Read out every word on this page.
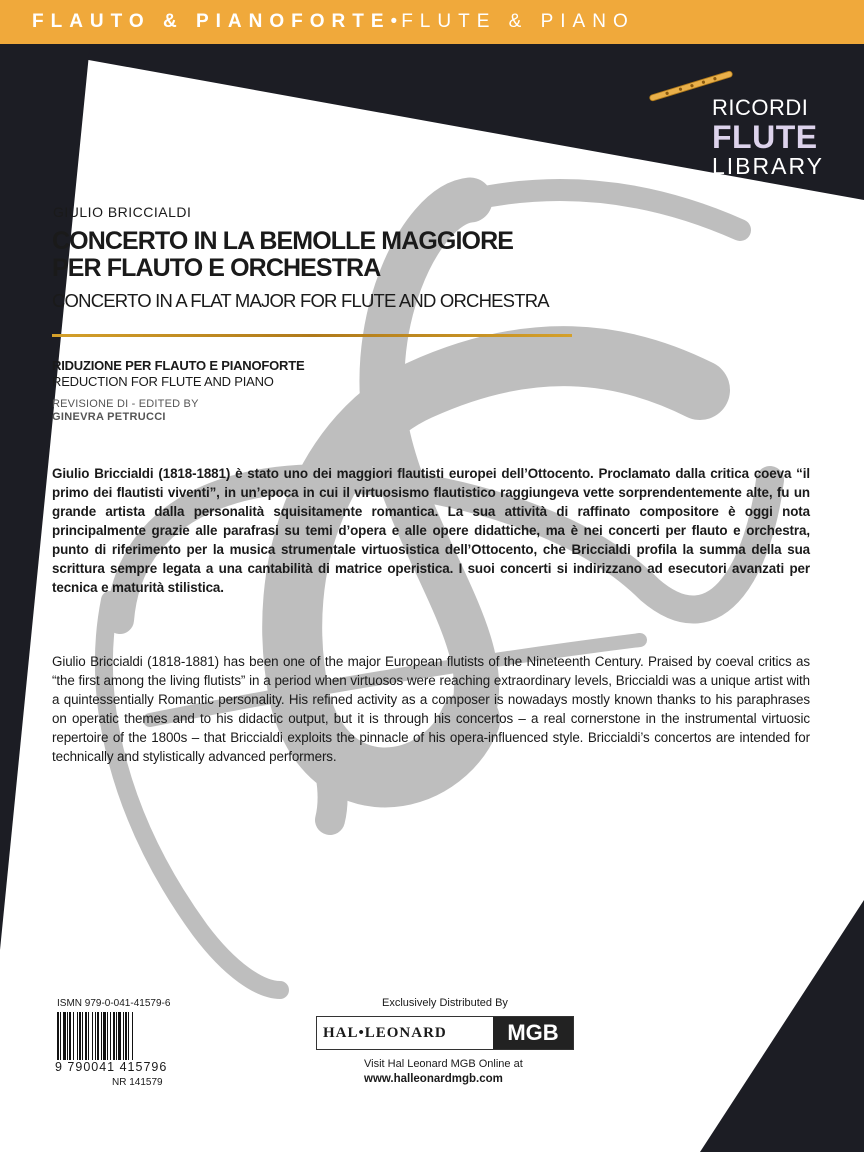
FLAUTO & PIANOFORTE • FLUTE & PIANO
RICORDI
FLUTE
LIBRARY
GIULIO BRICCIALDI
CONCERTO IN LA BEMOLLE MAGGIORE
PER FLAUTO E ORCHESTRA
CONCERTO IN A FLAT MAJOR FOR FLUTE AND ORCHESTRA
RIDUZIONE PER FLAUTO E PIANOFORTE
REDUCTION FOR FLUTE AND PIANO
REVISIONE DI - EDITED BY
GINEVRA PETRUCCI
Giulio Briccialdi (1818-1881) è stato uno dei maggiori flautisti europei dell’Ottocento. Proclamato dalla critica coeva “il primo dei flautisti viventi”, in un’epoca in cui il virtuosismo flautistico raggiungeva vette sorprendentemente alte, fu un grande artista dalla personalità squisitamente romantica. La sua attività di raffinato compositore è oggi nota principalmente grazie alle parafrasi su temi d’opera e alle opere didattiche, ma è nei concerti per flauto e orchestra, punto di riferimento per la musica strumentale virtuosistica dell’Ottocento, che Briccialdi profila la summa della sua scrittura sempre legata a una cantabilità di matrice operistica. I suoi concerti si indirizzano ad esecutori avanzati per tecnica e maturità stilistica.
Giulio Briccialdi (1818-1881) has been one of the major European flutists of the Nineteenth Century. Praised by coeval critics as “the first among the living flutists” in a period when virtuosos were reaching extraordinary levels, Briccialdi was a unique artist with a quintessentially Romantic personality. His refined activity as a composer is nowadays mostly known thanks to his paraphrases on operatic themes and to his didactic output, but it is through his concertos – a real cornerstone in the instrumental virtuosic repertoire of the 1800s – that Briccialdi exploits the pinnacle of his opera-influenced style. Briccialdi’s concertos are intended for technically and stylistically advanced performers.
ISMN 979-0-041-41579-6
9 790041 415796
NR 141579
Exclusively Distributed By
HAL•LEONARD	MGB
Visit Hal Leonard MGB Online at
www.halleonardmgb.com
